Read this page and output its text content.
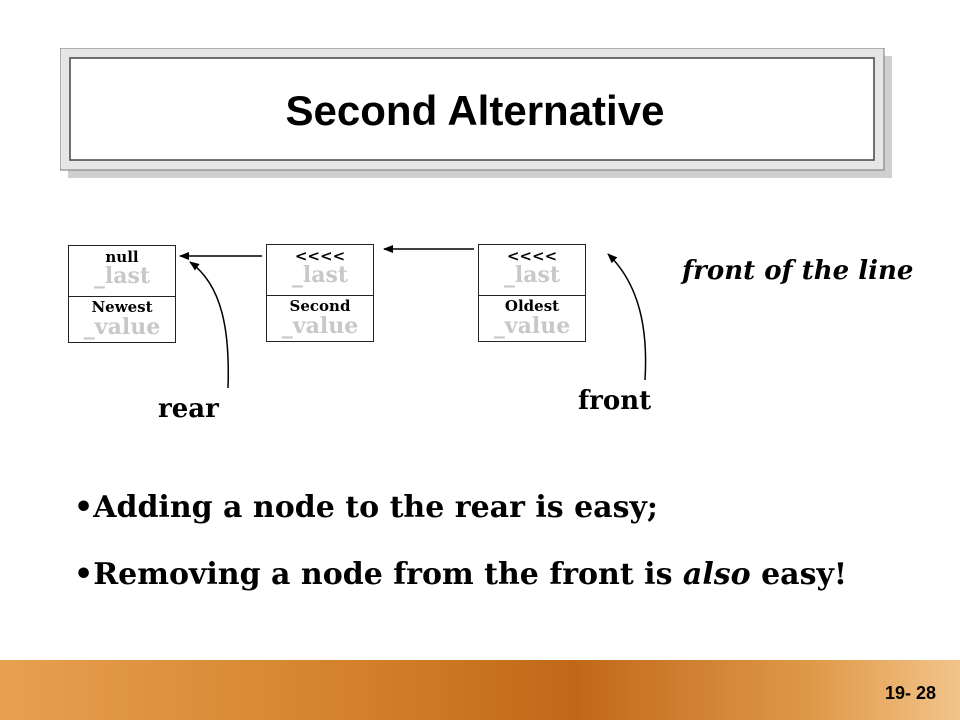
Second Alternative
null
_last
Newest
_value
<<<<
_last
Second
_value
<<<<
_last
Oldest
_value
rear	front
front of the line
•Adding a node to the rear is easy;
•Removing a node from the front is also easy!
19- 28
